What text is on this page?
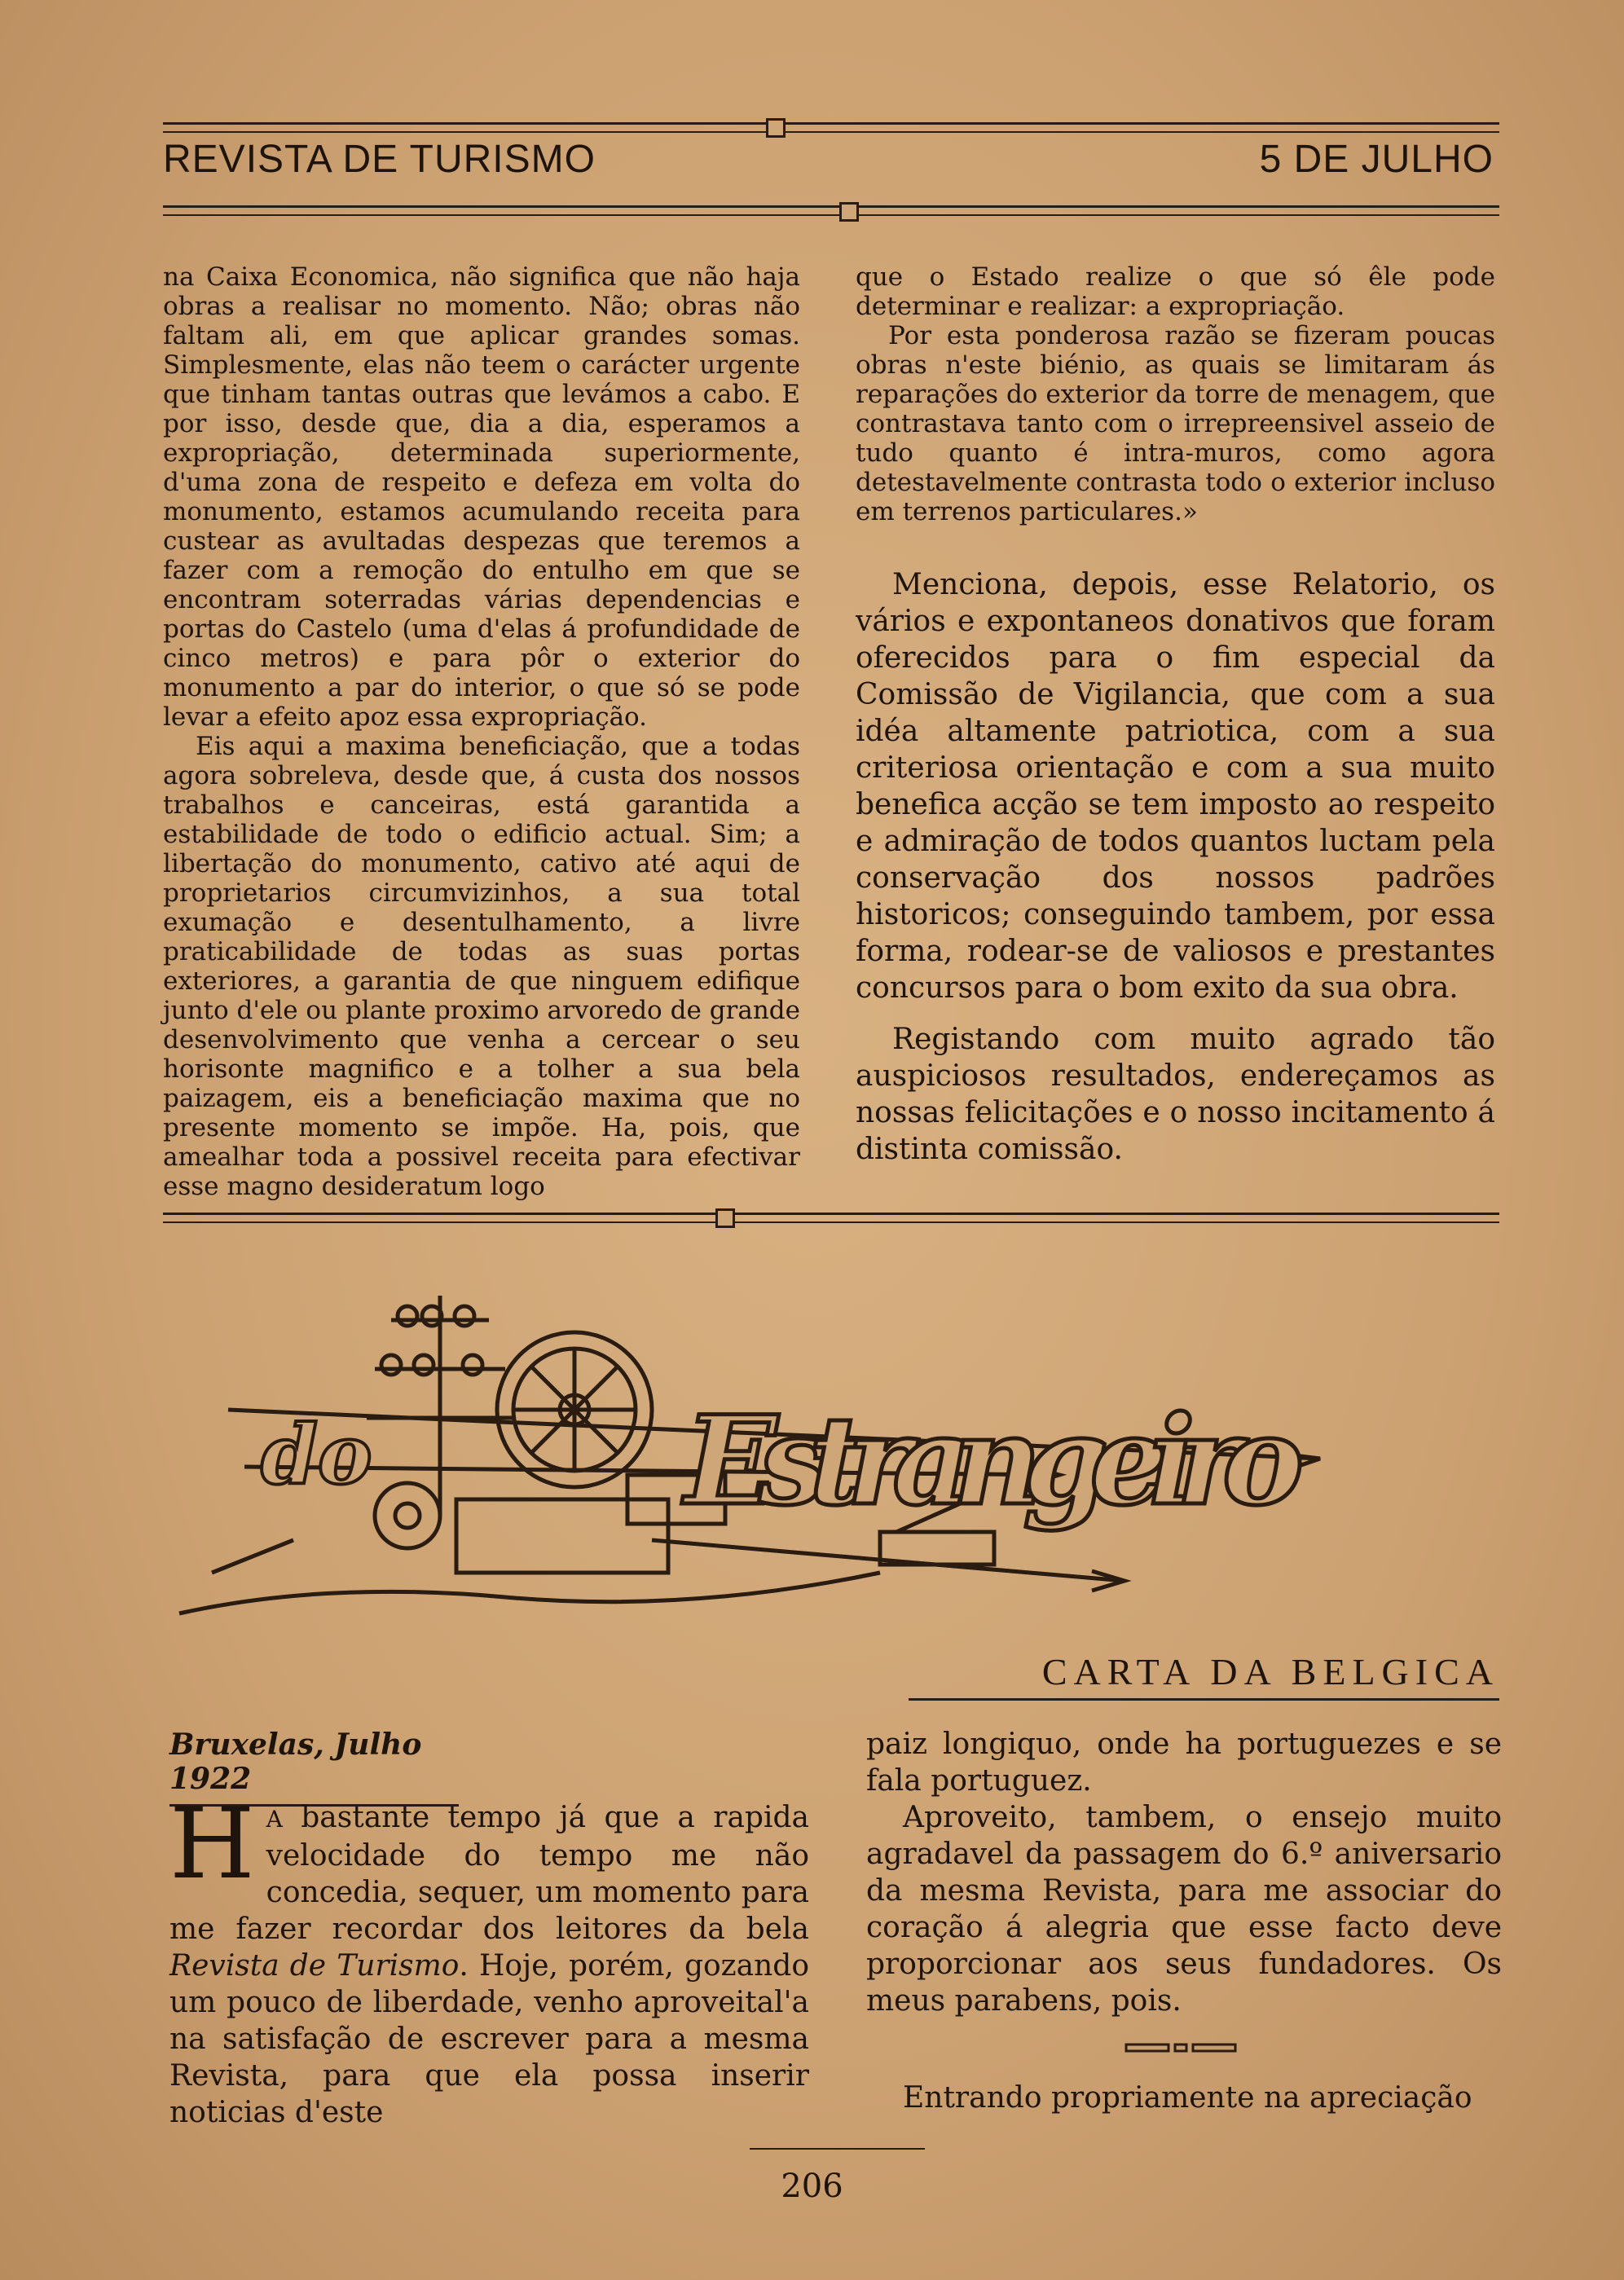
REVISTA DE TURISMO	5 DE JULHO

na Caixa Economica, não significa que não haja obras a realisar no momento. Não; obras não faltam ali, em que aplicar grandes somas. Simplesmente, elas não teem o carácter urgente que tinham tantas outras que levámos a cabo. E por isso, desde que, dia a dia, esperamos a expropriação, determinada superiormente, d'uma zona de respeito e defeza em volta do monumento, estamos acumulando receita para custear as avultadas despezas que teremos a fazer com a remoção do entulho em que se encontram soterradas várias dependencias e portas do Castelo (uma d'elas á profundidade de cinco metros) e para pôr o exterior do monumento a par do interior, o que só se pode levar a efeito apoz essa expropriação.

Eis aqui a maxima beneficiação, que a todas agora sobreleva, desde que, á custa dos nossos trabalhos e canceiras, está garantida a estabilidade de todo o edificio actual. Sim; a libertação do monumento, cativo até aqui de proprietarios circumvizinhos, a sua total exumação e desentulhamento, a livre praticabilidade de todas as suas portas exteriores, a garantia de que ninguem edifique junto d'ele ou plante proximo arvoredo de grande desenvolvimento que venha a cercear o seu horisonte magnifico e a tolher a sua bela paizagem, eis a beneficiação maxima que no presente momento se impõe. Ha, pois, que amealhar toda a possivel receita para efectivar esse magno desideratum logo

que o Estado realize o que só êle pode determinar e realizar: a expropriação.

Por esta ponderosa razão se fizeram poucas obras n'este biénio, as quais se limitaram ás reparações do exterior da torre de menagem, que contrastava tanto com o irrepreensivel asseio de tudo quanto é intra-muros, como agora detestavelmente contrasta todo o exterior incluso em terrenos particulares.»

Menciona, depois, esse Relatorio, os vários e expontaneos donativos que foram oferecidos para o fim especial da Comissão de Vigilancia, que com a sua idéa altamente patriotica, com a sua criteriosa orientação e com a sua muito benefica acção se tem imposto ao respeito e admiração de todos quantos luctam pela conservação dos nossos padrões historicos; conseguindo tambem, por essa forma, rodear-se de valiosos e prestantes concursos para o bom exito da sua obra.

Registando com muito agrado tão auspiciosos resultados, endereçamos as nossas felicitações e o nosso incitamento á distinta comissão.

do	Estrangeiro
CARTA DA BELGICA
Bruxelas, Julho 1922

H A bastante tempo já que a rapida velocidade do tempo me não concedia, sequer, um momento para me fazer recordar dos leitores da bela Revista de Turismo. Hoje, porém, gozando um pouco de liberdade, venho aproveital'a na satisfação de escrever para a mesma Revista, para que ela possa inserir noticias d'este

paiz longiquo, onde ha portuguezes e se fala portuguez.

Aproveito, tambem, o ensejo muito agradavel da passagem do 6.º aniversario da mesma Revista, para me associar do coração á alegria que esse facto deve proporcionar aos seus fundadores. Os meus parabens, pois.

Entrando propriamente na apreciação

206
